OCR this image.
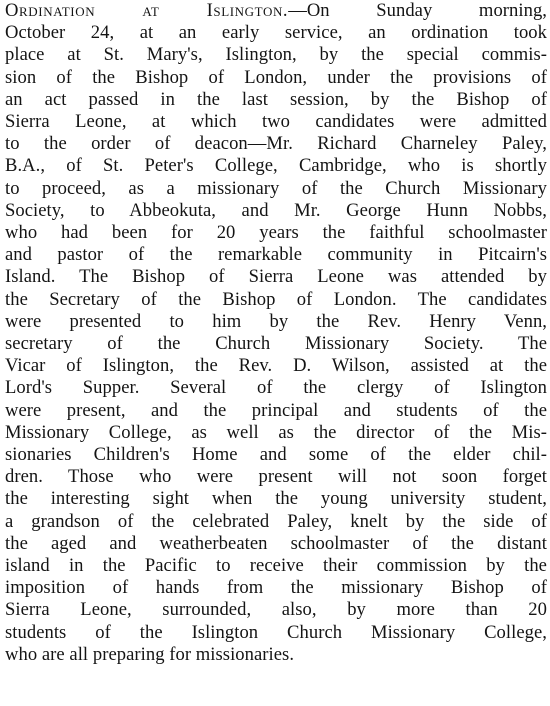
Ordination at Islington.—On Sunday morning,
October 24, at an early service, an ordination took
place at St. Mary's, Islington, by the special commis-
sion of the Bishop of London, under the provisions of
an act passed in the last session, by the Bishop of
Sierra Leone, at which two candidates were admitted
to the order of deacon—Mr. Richard Charneley Paley,
B.A., of St. Peter's College, Cambridge, who is shortly
to proceed, as a missionary of the Church Missionary
Society, to Abbeokuta, and Mr. George Hunn Nobbs,
who had been for 20 years the faithful schoolmaster
and pastor of the remarkable community in Pitcairn's
Island. The Bishop of Sierra Leone was attended by
the Secretary of the Bishop of London. The candidates
were presented to him by the Rev. Henry Venn,
secretary of the Church Missionary Society. The
Vicar of Islington, the Rev. D. Wilson, assisted at the
Lord's Supper. Several of the clergy of Islington
were present, and the principal and students of the
Missionary College, as well as the director of the Mis-
sionaries Children's Home and some of the elder chil-
dren. Those who were present will not soon forget
the interesting sight when the young university student,
a grandson of the celebrated Paley, knelt by the side of
the aged and weatherbeaten schoolmaster of the distant
island in the Pacific to receive their commission by the
imposition of hands from the missionary Bishop of
Sierra Leone, surrounded, also, by more than 20
students of the Islington Church Missionary College,
who are all preparing for missionaries.
